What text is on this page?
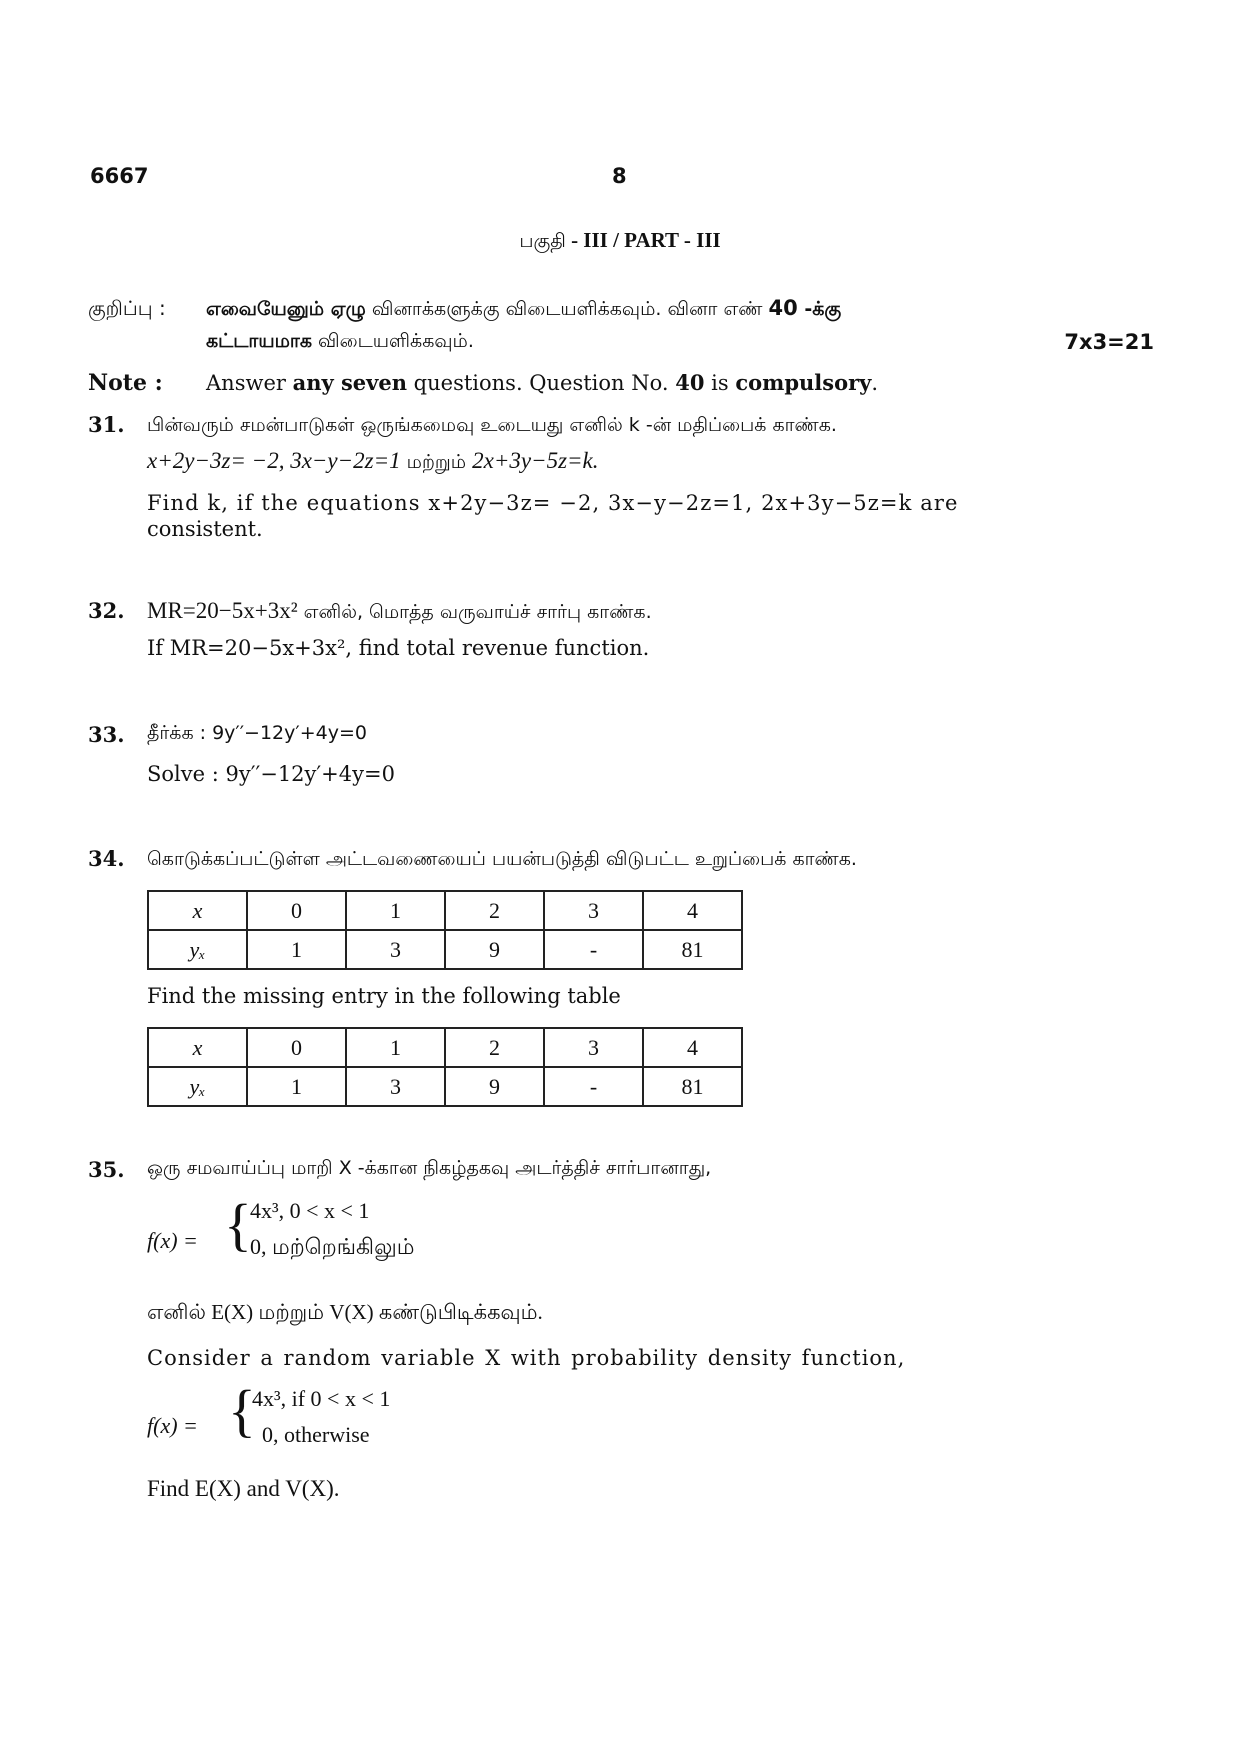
6667	8
பகுதி - III / PART - III
குறிப்பு : எவையேனும் ஏழு வினாக்களுக்கு விடையளிக்கவும். வினா எண் 40 -க்கு
கட்டாயமாக விடையளிக்கவும்.	7x3=21
Note : Answer any seven questions. Question No. 40 is compulsory.
31. பின்வரும் சமன்பாடுகள் ஒருங்கமைவு உடையது எனில் k -ன் மதிப்பைக் காண்க.
x+2y−3z= −2, 3x−y−2z=1 மற்றும் 2x+3y−5z=k.
Find k, if the equations x+2y−3z= −2, 3x−y−2z=1, 2x+3y−5z=k are
consistent.
32. MR=20−5x+3x² எனில், மொத்த வருவாய்ச் சார்பு காண்க.
If MR=20−5x+3x², find total revenue function.
33. தீர்க்க : 9y′′−12y′+4y=0
Solve : 9y′′−12y′+4y=0
34. கொடுக்கப்பட்டுள்ள அட்டவணையைப் பயன்படுத்தி விடுபட்ட உறுப்பைக் காண்க.
x	0	1	2	3	4
yₓ	1	3	9	-	81
Find the missing entry in the following table
x	0	1	2	3	4
yₓ	1	3	9	-	81
35. ஒரு சமவாய்ப்பு மாறி X -க்கான நிகழ்தகவு அடர்த்திச் சார்பானாது,
f(x) = {
4x³, 0 < x < 1
0, மற்றெங்கிலும்
எனில் E(X) மற்றும் V(X) கண்டுபிடிக்கவும்.
Consider a random variable X with probability density function,
f(x) = {
4x³, if 0 < x < 1
0, otherwise
Find E(X) and V(X).
